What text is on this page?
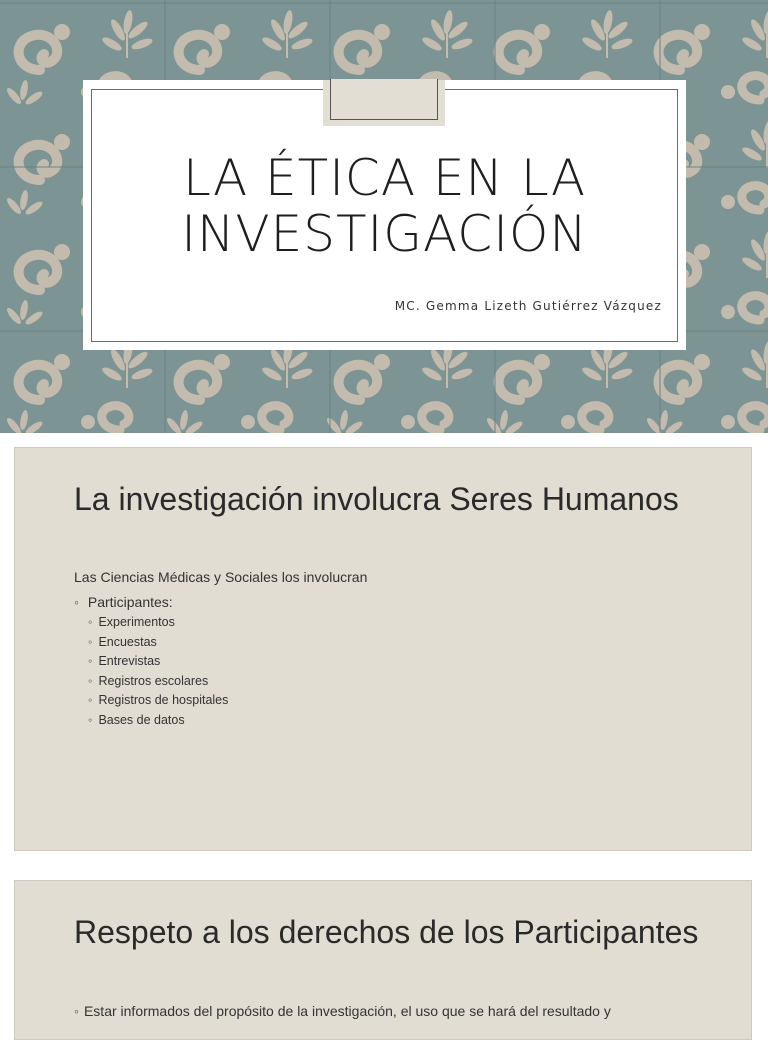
LA ÉTICA EN LA
INVESTIGACIÓN
MC. Gemma Lizeth Gutiérrez Vázquez
La investigación involucra Seres Humanos
Las Ciencias Médicas y Sociales los involucran
◦ Participantes:
◦ Experimentos
◦ Encuestas
◦ Entrevistas
◦ Registros escolares
◦ Registros de hospitales
◦ Bases de datos
Respeto a los derechos de los Participantes
◦ Estar informados del propósito de la investigación, el uso que se hará del resultado y
